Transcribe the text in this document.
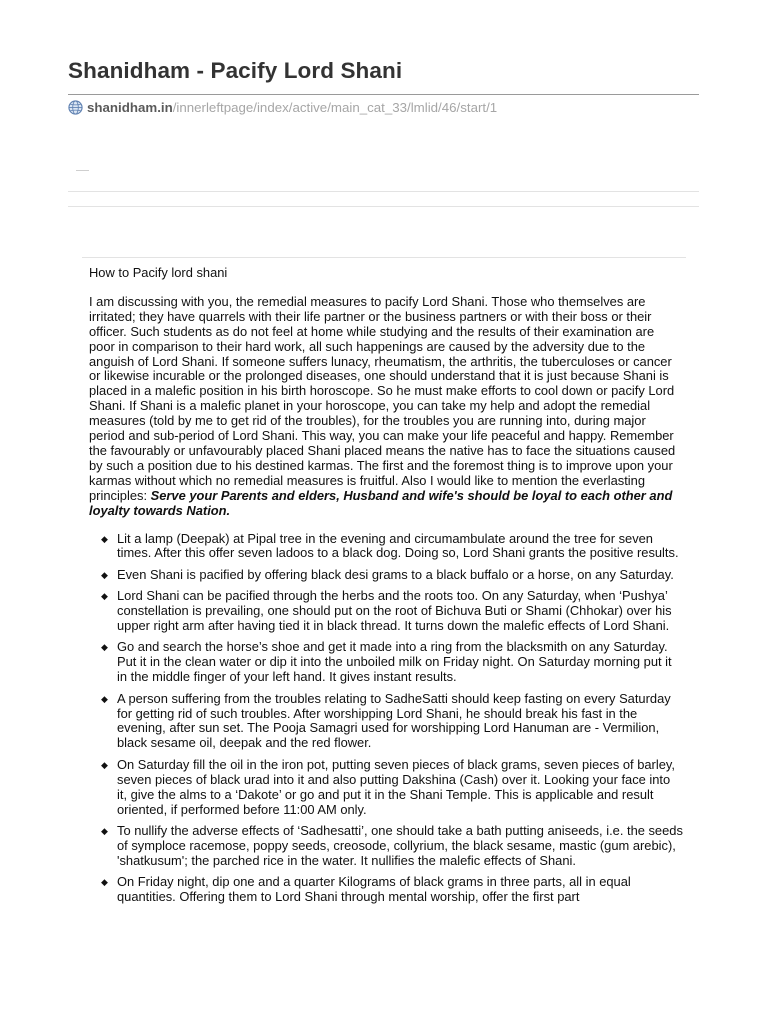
Shanidham - Pacify Lord Shani
shanidham.in /innerleftpage/index/active/main_cat_33/lmlid/46/start/1

How to Pacify lord shani

I am discussing with you, the remedial measures to pacify Lord Shani. Those who themselves are irritated; they have quarrels with their life partner or the business partners or with their boss or their officer. Such students as do not feel at home while studying and the results of their examination are poor in comparison to their hard work, all such happenings are caused by the adversity due to the anguish of Lord Shani. If someone suffers lunacy, rheumatism, the arthritis, the tuberculoses or cancer or likewise incurable or the prolonged diseases, one should understand that it is just because Shani is placed in a malefic position in his birth horoscope. So he must make efforts to cool down or pacify Lord Shani. If Shani is a malefic planet in your horoscope, you can take my help and adopt the remedial measures (told by me to get rid of the troubles), for the troubles you are running into, during major period and sub-period of Lord Shani. This way, you can make your life peaceful and happy. Remember the favourably or unfavourably placed Shani placed means the native has to face the situations caused by such a position due to his destined karmas. The first and the foremost thing is to improve upon your karmas without which no remedial measures is fruitful. Also I would like to mention the everlasting principles: Serve your Parents and elders, Husband and wife's should be loyal to each other and loyalty towards Nation.

◆ Lit a lamp (Deepak) at Pipal tree in the evening and circumambulate around the tree for seven times. After this offer seven ladoos to a black dog. Doing so, Lord Shani grants the positive results.
◆ Even Shani is pacified by offering black desi grams to a black buffalo or a horse, on any Saturday.
◆ Lord Shani can be pacified through the herbs and the roots too. On any Saturday, when ‘Pushya’ constellation is prevailing, one should put on the root of Bichuva Buti or Shami (Chhokar) over his upper right arm after having tied it in black thread. It turns down the malefic effects of Lord Shani.
◆ Go and search the horse’s shoe and get it made into a ring from the blacksmith on any Saturday. Put it in the clean water or dip it into the unboiled milk on Friday night. On Saturday morning put it in the middle finger of your left hand. It gives instant results.
◆ A person suffering from the troubles relating to SadheSatti should keep fasting on every Saturday for getting rid of such troubles. After worshipping Lord Shani, he should break his fast in the evening, after sun set. The Pooja Samagri used for worshipping Lord Hanuman are - Vermilion, black sesame oil, deepak and the red flower.
◆ On Saturday fill the oil in the iron pot, putting seven pieces of black grams, seven pieces of barley, seven pieces of black urad into it and also putting Dakshina (Cash) over it. Looking your face into it, give the alms to a ‘Dakote’ or go and put it in the Shani Temple. This is applicable and result oriented, if performed before 11:00 AM only.
◆ To nullify the adverse effects of ‘Sadhesatti’, one should take a bath putting aniseeds, i.e. the seeds of symploce racemose, poppy seeds, creosode, collyrium, the black sesame, mastic (gum arebic), 'shatkusum'; the parched rice in the water. It nullifies the malefic effects of Shani.
◆ On Friday night, dip one and a quarter Kilograms of black grams in three parts, all in equal quantities. Offering them to Lord Shani through mental worship, offer the first part
